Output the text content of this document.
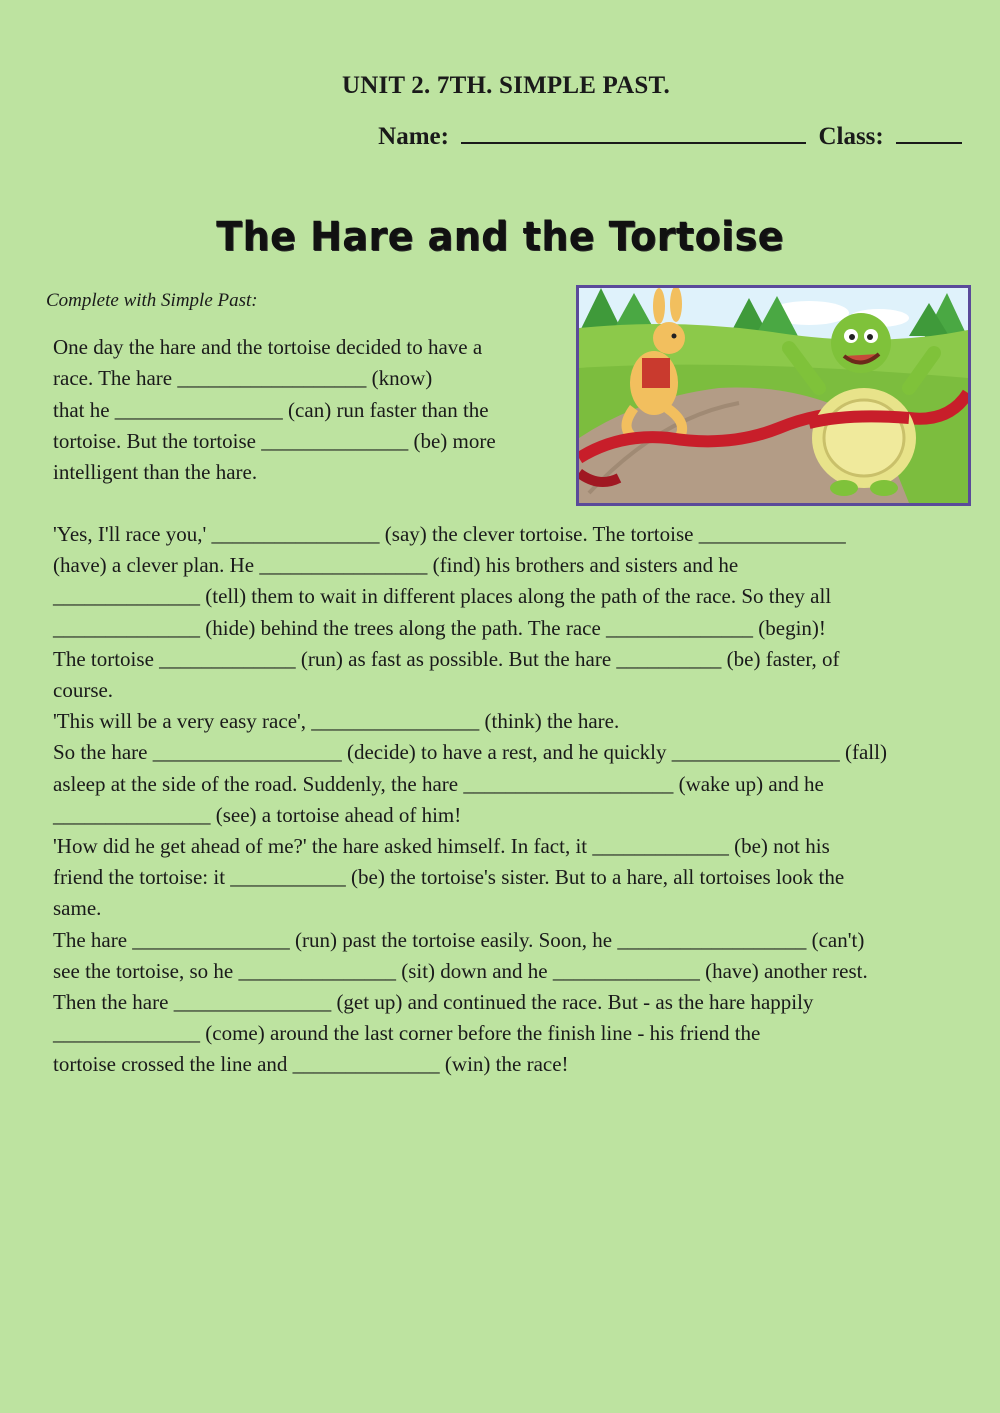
UNIT 2. 7TH. SIMPLE PAST.
Name:	Class:
The Hare and the Tortoise
Complete with Simple Past:
One day the hare and the tortoise decided to have a
race. The hare __________________ (know)
that he ________________ (can) run faster than the
tortoise. But the tortoise ______________ (be) more
intelligent than the hare.
'Yes, I'll race you,' ________________ (say) the clever tortoise. The tortoise ______________
(have) a clever plan. He ________________ (find) his brothers and sisters and he
______________ (tell) them to wait in different places along the path of the race. So they all
______________ (hide) behind the trees along the path. The race ______________ (begin)!
The tortoise _____________ (run) as fast as possible. But the hare __________ (be) faster, of
course.
'This will be a very easy race', ________________ (think) the hare.
So the hare __________________ (decide) to have a rest, and he quickly ________________ (fall)
asleep at the side of the road. Suddenly, the hare ____________________ (wake up) and he
_______________ (see) a tortoise ahead of him!
'How did he get ahead of me?' the hare asked himself. In fact, it _____________ (be) not his
friend the tortoise: it ___________ (be) the tortoise's sister. But to a hare, all tortoises look the
same.
The hare _______________ (run) past the tortoise easily. Soon, he __________________ (can't)
see the tortoise, so he _______________ (sit) down and he ______________ (have) another rest.
Then the hare _______________ (get up) and continued the race. But - as the hare happily
______________ (come) around the last corner before the finish line - his friend the
tortoise crossed the line and ______________ (win) the race!
